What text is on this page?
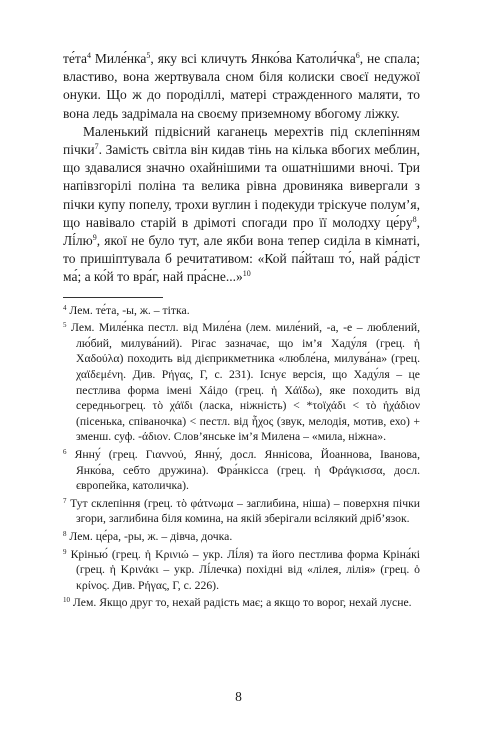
$те́та^4$ Миле́нка$^5$, яку всі кличуть Янко́ва Католи́чка$^6$, не спала; властиво, вона жертвувала сном біля колиски своєї недужої онуки. Що ж до породіллі, матері стражденного маляти, то вона ледь задрімала на своєму приземному вбогому ліжку.

Маленький підвісний каганець мерехтів під склепінням пічки$^7$. Замість світла він кидав тінь на кілька вбогих меблин, що здавалися значно охайнішими та ошатнішими вночі. Три напівзгорілі поліна та велика рівна дровиняка вивергали з пічки купу попелу, трохи вуглин і подекуди тріскуче полум’я, що навівало старій в дрімоті спогади про її молодху $це́ру^8$, $Лі́лю^9$, якої не було тут, але якби вона тепер сиділа в кімнаті, то пришіптувала б речитативом: «Кой па́йташ то́, най ра́діст ма́; а ко́й то вра́г, най пра́сне...»$^{10}$

$^4$ Лем. те́та, -ы, ж. – тітка.
$^5$ Лем. Миле́нка пестл. від Миле́на (лем. миле́ний, -а, -е – люблений, лю́бий, милува́ний). Рігас зазначає, що ім’я Хаду́ля (грец. ἡ Χαδούλα) походить від дієприкметника «любле́на, милува́на» (грец. χαϊδεμένη. Див. Ρήγας, Γ, с. 231). Існує версія, що Хаду́ля – це пестлива форма імені Хáідо (грец. ἡ Χάϊδω), яке походить від середньогрец. τὸ χάϊδι (ласка, ніжність) < *τοϊχάδι < τὸ ἠχάδιον (пісенька, співаночка) < пестл. від ἦχος (звук, мелодія, мотив, ехо) + зменш. суф. -άδιον. Слов’янське ім’я Милена – «мила, ніжна».
$^6$ Янну́ (грец. Γιαννού, Янну́, досл. Яннісова, Йоаннова, Іванова, Янко́ва, себто дружина). Фра́нкісса (грец. ἡ Φράγκισσα, досл. європейка, католичка).
$^7$ Тут склепіння (грец. τὸ φάτνωμα – заглибина, ніша) – поверхня пічки згори, заглибина біля комина, на якій зберігали всілякий дріб’язок.
$^8$ Лем. це́ра, -ры, ж. – дівча, дочка.
$^9$ Крінью́ (грец. ἡ Κρινιώ – укр. Лі́ля) та його пестлива форма Кріна́кі (грец. ἡ Κρινάκι – укр. Лі́лечка) похідні від «лілея, лілія» (грец. ὁ κρίνος. Див. Ρήγας, Γ, с. 226).
$^{10}$ Лем. Якщо друг то, нехай радість має; а якщо то ворог, нехай лусне.
8
